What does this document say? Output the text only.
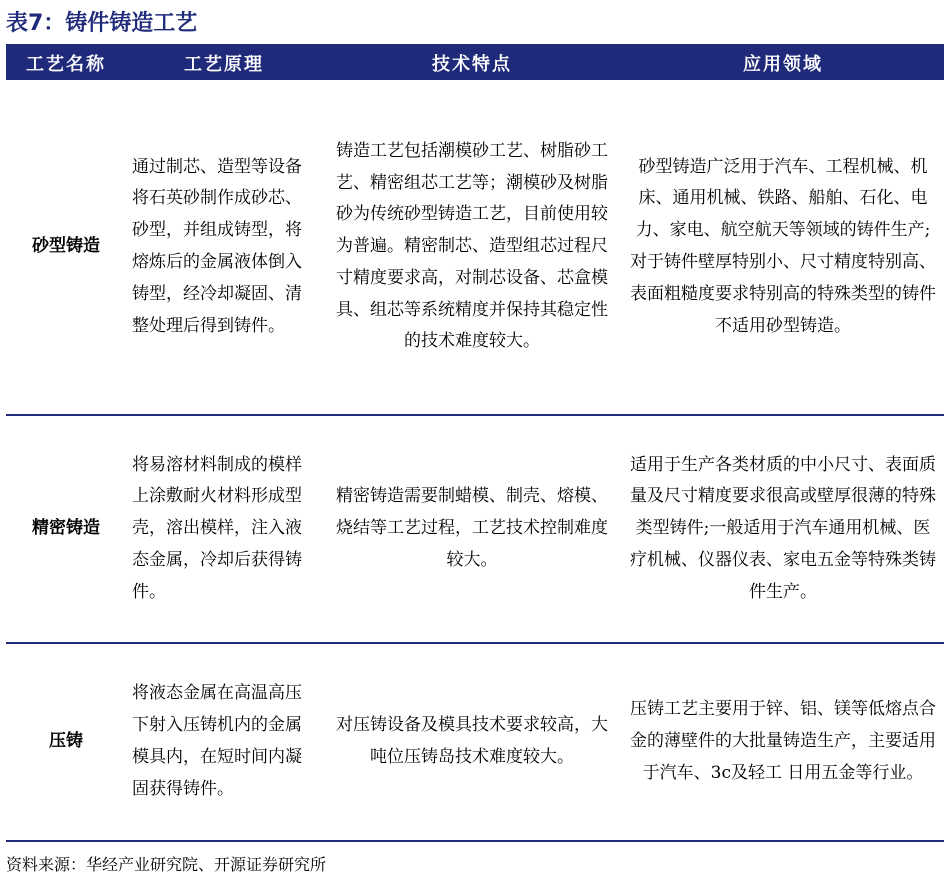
表7：铸件铸造工艺
工艺名称	工艺原理	技术特点	应用领域
砂型铸造	通过制芯、造型等设备将石英砂制作成砂芯、砂型，并组成铸型，将熔炼后的金属液体倒入铸型，经冷却凝固、清整处理后得到铸件。	铸造工艺包括潮模砂工艺、树脂砂工艺、精密组芯工艺等；潮模砂及树脂砂为传统砂型铸造工艺，目前使用较为普遍。精密制芯、造型组芯过程尺寸精度要求高，对制芯设备、芯盒模具、组芯等系统精度并保持其稳定性的技术难度较大。	砂型铸造广泛用于汽车、工程机械、机床、通用机械、铁路、船舶、石化、电力、家电、航空航天等领域的铸件生产;对于铸件壁厚特别小、尺寸精度特别高、表面粗糙度要求特别高的特殊类型的铸件不适用砂型铸造。
精密铸造	将易溶材料制成的模样上涂敷耐火材料形成型壳，溶出模样，注入液态金属，冷却后获得铸件。	精密铸造需要制蜡模、制壳、熔模、烧结等工艺过程，工艺技术控制难度较大。	适用于生产各类材质的中小尺寸、表面质量及尺寸精度要求很高或壁厚很薄的特殊类型铸件;一般适用于汽车通用机械、医疗机械、仪器仪表、家电五金等特殊类铸件生产。
压铸	将液态金属在高温高压下射入压铸机内的金属模具内，在短时间内凝固获得铸件。	对压铸设备及模具技术要求较高，大吨位压铸岛技术难度较大。	压铸工艺主要用于锌、铝、镁等低熔点合金的薄壁件的大批量铸造生产，主要适用于汽车、3c及轻工 日用五金等行业。
资料来源：华经产业研究院、开源证券研究所
